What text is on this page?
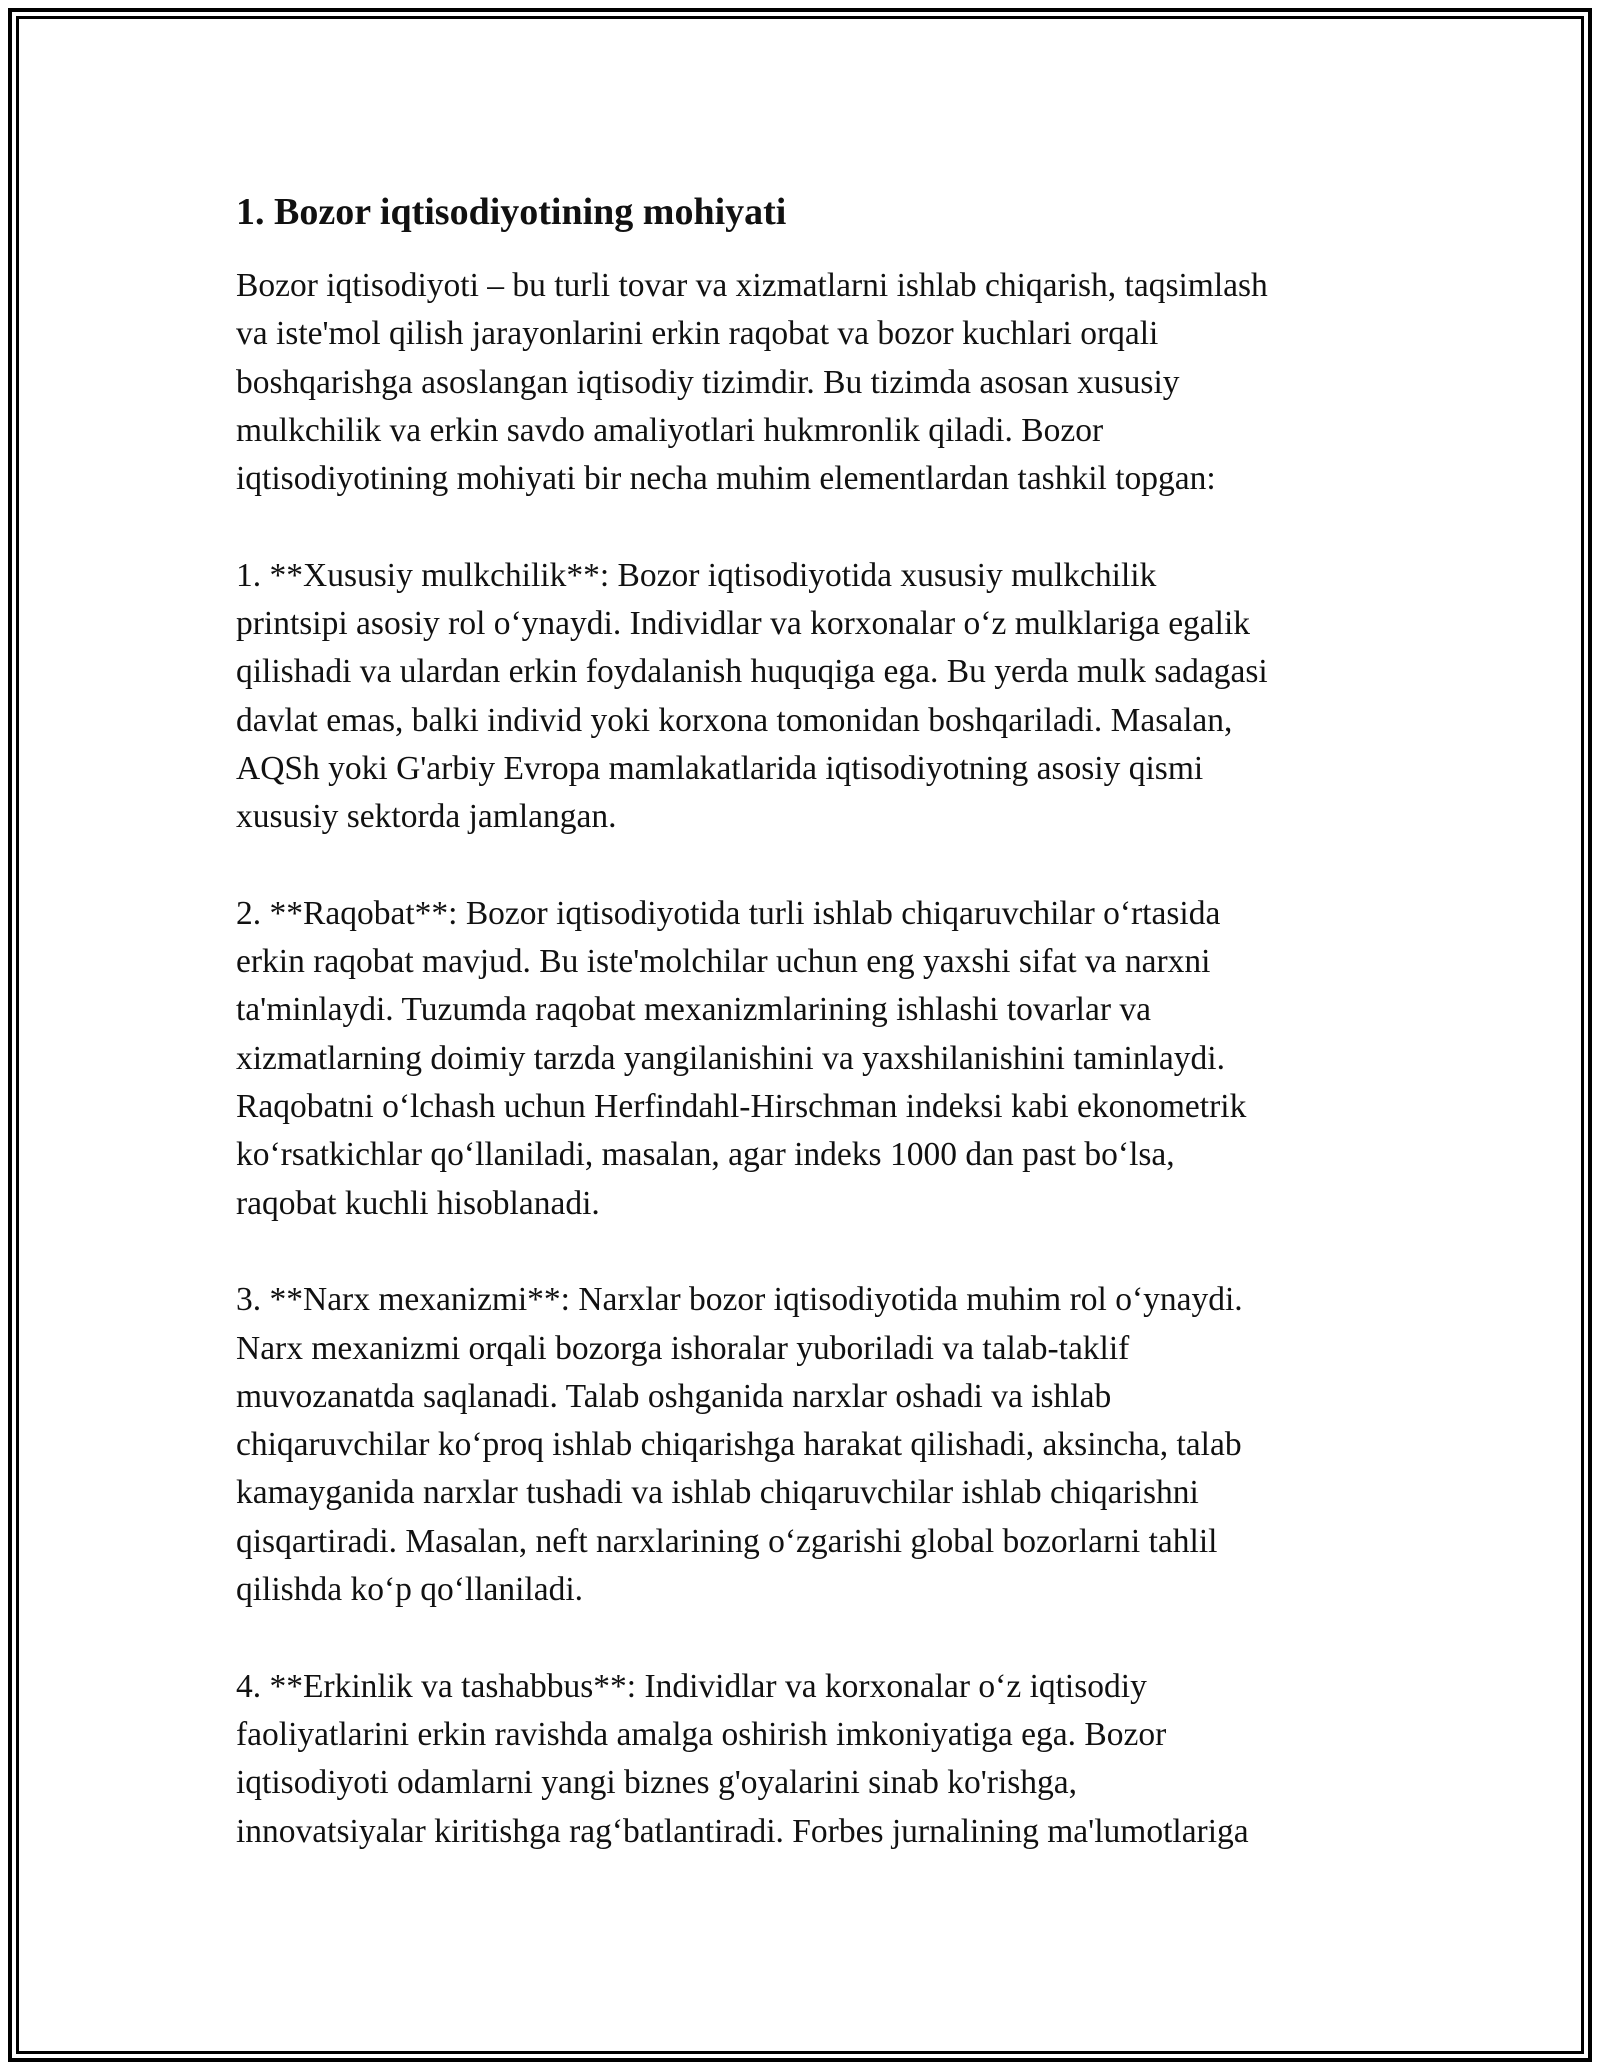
1. Bozor iqtisodiyotining mohiyati

Bozor iqtisodiyoti – bu turli tovar va xizmatlarni ishlab chiqarish, taqsimlash
va iste'mol qilish jarayonlarini erkin raqobat va bozor kuchlari orqali
boshqarishga asoslangan iqtisodiy tizimdir. Bu tizimda asosan xususiy
mulkchilik va erkin savdo amaliyotlari hukmronlik qiladi. Bozor
iqtisodiyotining mohiyati bir necha muhim elementlardan tashkil topgan:

1. **Xususiy mulkchilik**: Bozor iqtisodiyotida xususiy mulkchilik
printsipi asosiy rol oʻynaydi. Individlar va korxonalar oʻz mulklariga egalik
qilishadi va ulardan erkin foydalanish huquqiga ega. Bu yerda mulk sadagasi
davlat emas, balki individ yoki korxona tomonidan boshqariladi. Masalan,
AQSh yoki G'arbiy Evropa mamlakatlarida iqtisodiyotning asosiy qismi
xususiy sektorda jamlangan.

2. **Raqobat**: Bozor iqtisodiyotida turli ishlab chiqaruvchilar oʻrtasida
erkin raqobat mavjud. Bu iste'molchilar uchun eng yaxshi sifat va narxni
ta'minlaydi. Tuzumda raqobat mexanizmlarining ishlashi tovarlar va
xizmatlarning doimiy tarzda yangilanishini va yaxshilanishini taminlaydi.
Raqobatni oʻlchash uchun Herfindahl-Hirschman indeksi kabi ekonometrik
koʻrsatkichlar qoʻllaniladi, masalan, agar indeks 1000 dan past boʻlsa,
raqobat kuchli hisoblanadi.

3. **Narx mexanizmi**: Narxlar bozor iqtisodiyotida muhim rol oʻynaydi.
Narx mexanizmi orqali bozorga ishoralar yuboriladi va talab-taklif
muvozanatda saqlanadi. Talab oshganida narxlar oshadi va ishlab
chiqaruvchilar koʻproq ishlab chiqarishga harakat qilishadi, aksincha, talab
kamayganida narxlar tushadi va ishlab chiqaruvchilar ishlab chiqarishni
qisqartiradi. Masalan, neft narxlarining oʻzgarishi global bozorlarni tahlil
qilishda koʻp qoʻllaniladi.

4. **Erkinlik va tashabbus**: Individlar va korxonalar oʻz iqtisodiy
faoliyatlarini erkin ravishda amalga oshirish imkoniyatiga ega. Bozor
iqtisodiyoti odamlarni yangi biznes g'oyalarini sinab ko'rishga,
innovatsiyalar kiritishga ragʻbatlantiradi. Forbes jurnalining ma'lumotlariga
